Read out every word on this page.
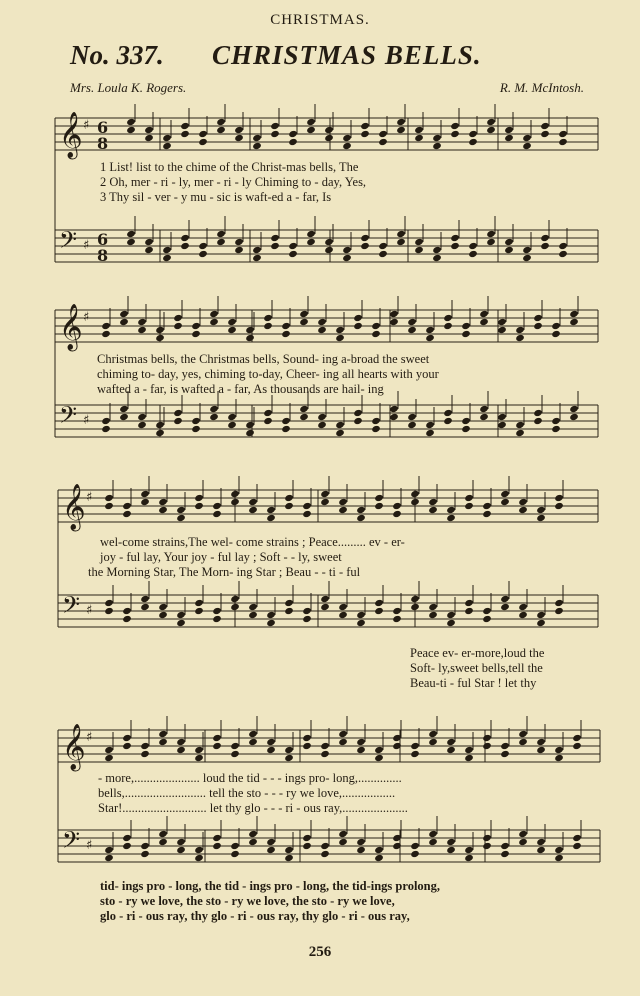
CHRISTMAS.
No. 337. CHRISTMAS BELLS.
Mrs. Loula K. Rogers.	R. M. McIntosh.
𝄞 ♯ 6
8
𝄢 ♯ 6
8
𝄞 ♯
𝄢 ♯
𝄞 ♯
𝄢 ♯
𝄞 ♯
𝄢 ♯
1 List! list to the chime of the Christ-mas bells, The
2 Oh, mer - ri - ly, mer - ri - ly Chiming to - day, Yes,
3 Thy sil - ver - y mu - sic is waft-ed a - far, Is
Christmas bells, the Christmas bells, Sound- ing a-broad the sweet
chiming to- day, yes, chiming to-day, Cheer- ing all hearts with your
wafted a - far, is wafted a - far, As thousands are hail- ing
wel-come strains,The wel- come strains ; Peace......... ev - er-
joy - ful lay, Your joy - ful lay ; Soft - - ly, sweet
the Morning Star, The Morn- ing Star ; Beau - - ti - ful
Peace ev- er-more,loud the
Soft- ly,sweet bells,tell the
Beau-ti - ful Star ! let thy
- more,..................... loud the tid - - - ings pro- long,..............
bells,.......................... tell the sto - - - ry we love,.................
Star!........................... let thy glo - - - ri - ous ray,.....................
tid- ings pro - long, the tid - ings pro - long, the tid-ings prolong,
sto - ry we love, the sto - ry we love, the sto - ry we love,
glo - ri - ous ray, thy glo - ri - ous ray, thy glo - ri - ous ray,
256
